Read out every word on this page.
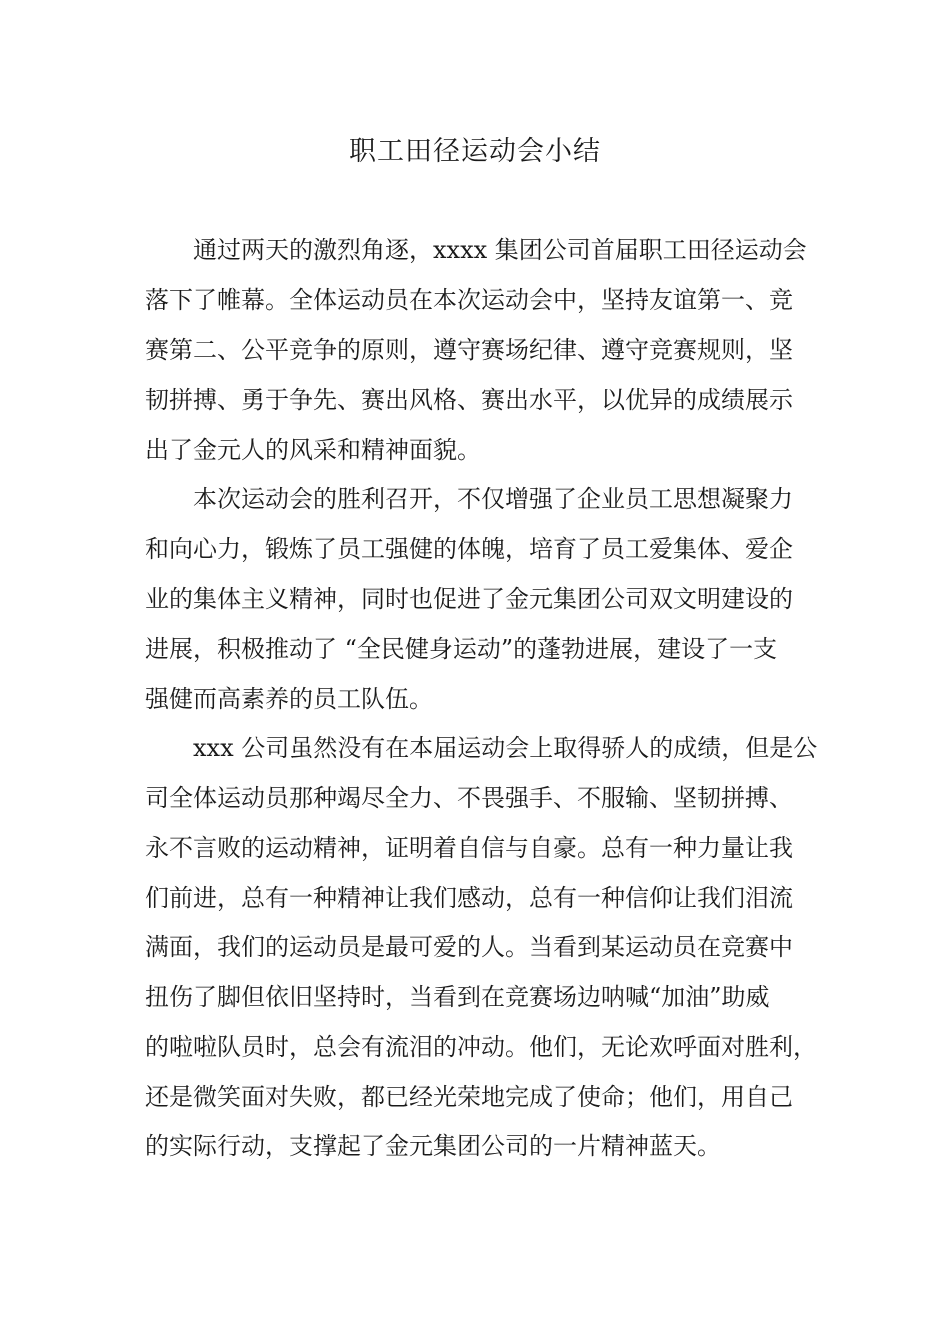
职工田径运动会小结

通过两天的激烈角逐，xxxx 集团公司首届职工田径运动会

落下了帷幕。全体运动员在本次运动会中，坚持友谊第一、竞

赛第二、公平竞争的原则，遵守赛场纪律、遵守竞赛规则，坚

韧拼搏、勇于争先、赛出风格、赛出水平，以优异的成绩展示

出了金元人的风采和精神面貌。

本次运动会的胜利召开，不仅增强了企业员工思想凝聚力

和向心力，锻炼了员工强健的体魄，培育了员工爱集体、爱企

业的集体主义精神，同时也促进了金元集团公司双文明建设的

进展，积极推动了 “全民健身运动”的蓬勃进展，建设了一支

强健而高素养的员工队伍。

xxx 公司虽然没有在本届运动会上取得骄人的成绩，但是公

司全体运动员那种竭尽全力、不畏强手、不服输、坚韧拼搏、

永不言败的运动精神，证明着自信与自豪。总有一种力量让我

们前进，总有一种精神让我们感动，总有一种信仰让我们泪流

满面，我们的运动员是最可爱的人。当看到某运动员在竞赛中

扭伤了脚但依旧坚持时，当看到在竞赛场边呐喊“加油”助威

的啦啦队员时，总会有流泪的冲动。他们，无论欢呼面对胜利，

还是微笑面对失败，都已经光荣地完成了使命；他们，用自己

的实际行动，支撑起了金元集团公司的一片精神蓝天。
